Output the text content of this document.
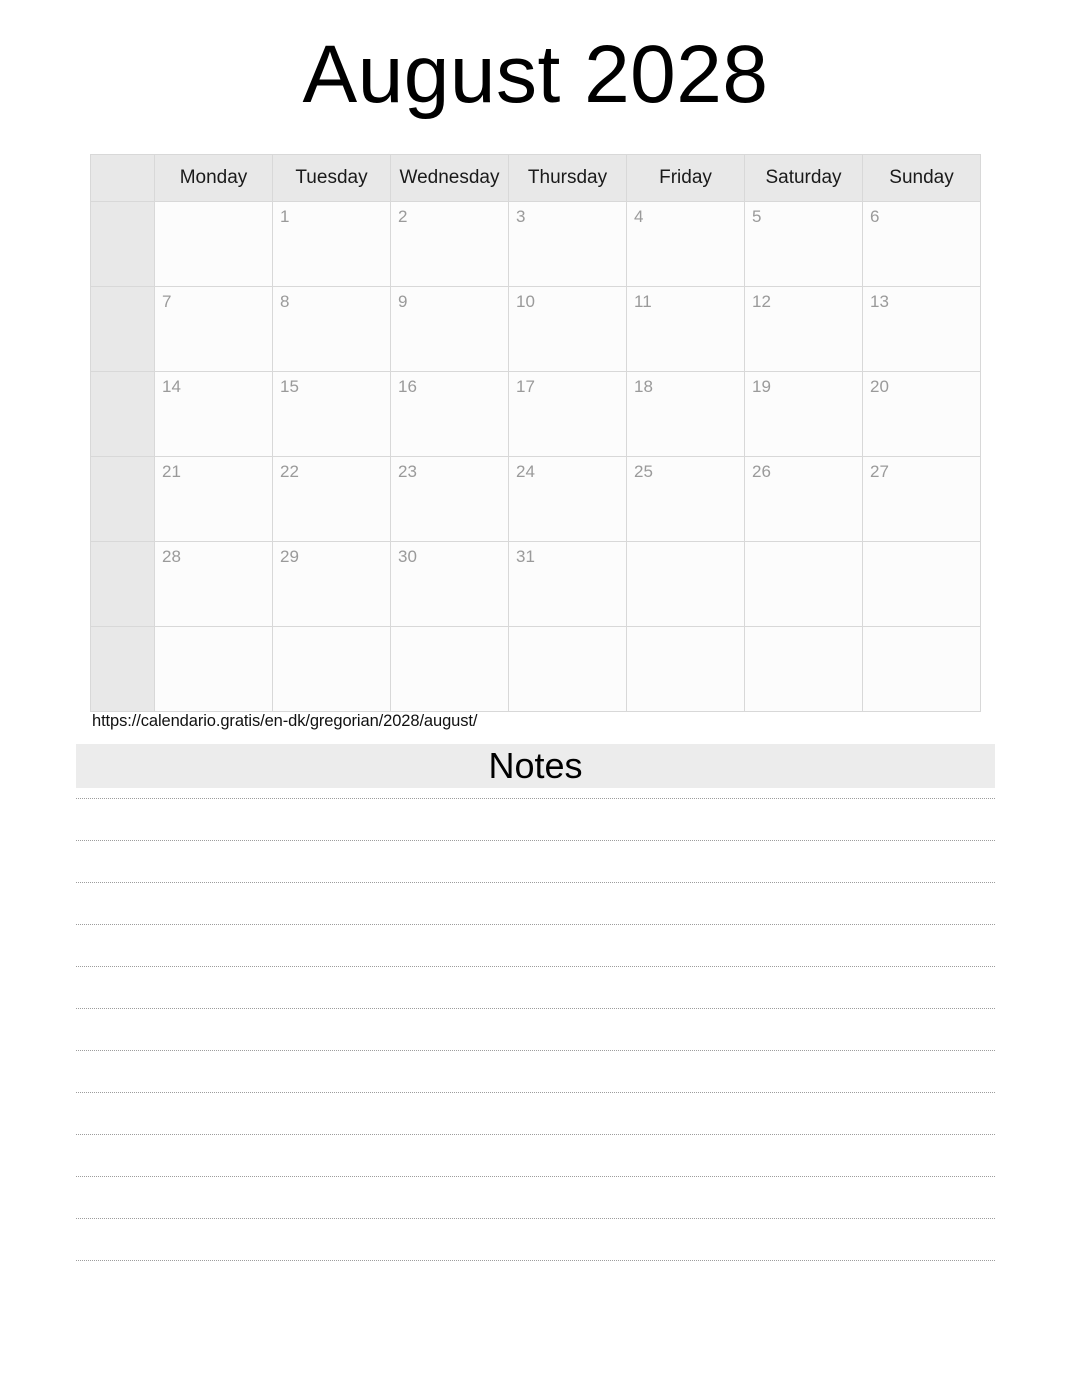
August 2028
	Monday	Tuesday	Wednesday	Thursday	Friday	Saturday	Sunday

		1	2	3	4	5	6

	7	8	9	10	11	12	13

	14	15	16	17	18	19	20

	21	22	23	24	25	26	27

	28	29	30	31			

https://calendario.gratis/en-dk/gregorian/2028/august/
Notes
